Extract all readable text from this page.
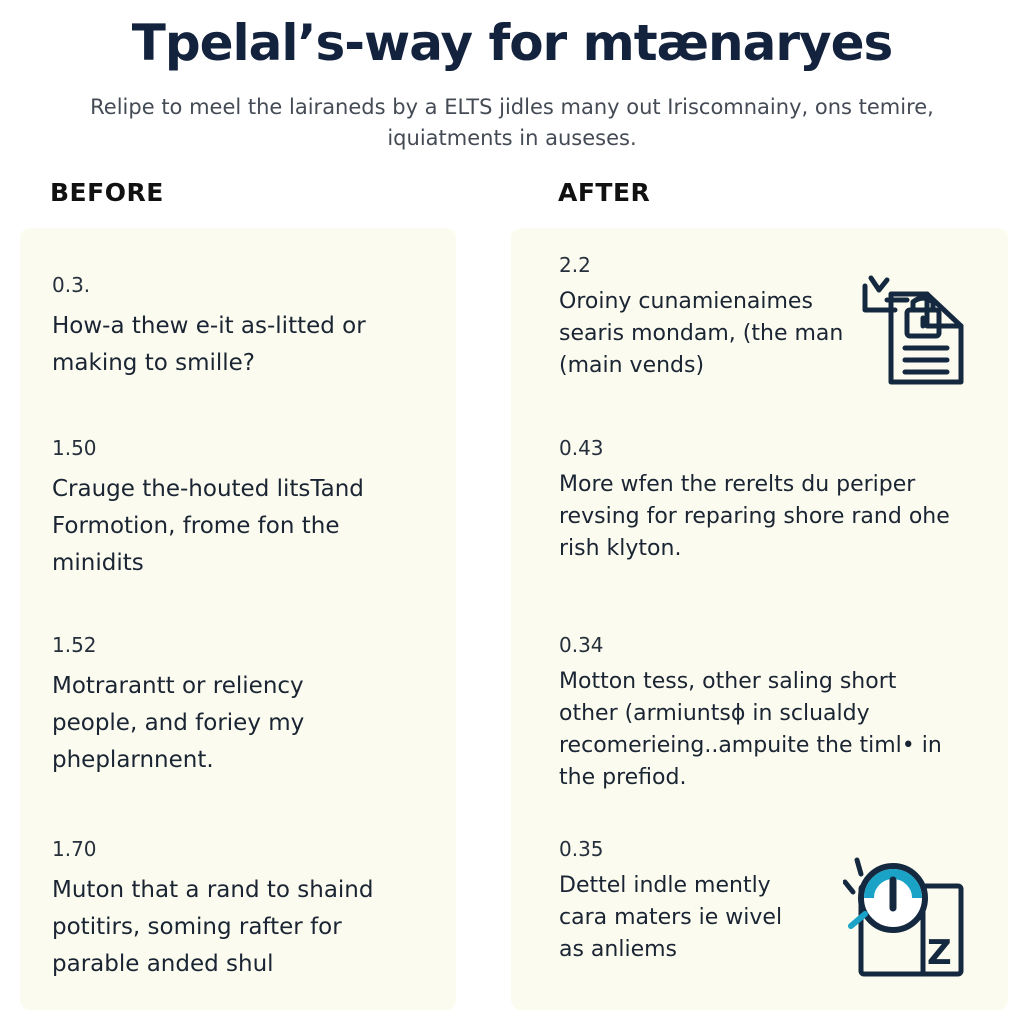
Tpelal’s-way for mtænaryes

Relipe to meel the lairaneds by a ELTS jidles many out Iriscomnainy, ons temire, iquiatments in auseses.

BEFORE	AFTER
0.3.
How-a thew e-it as-litted or making to smille?
1.50
Crauge the-houted litsTand Formotion, frome fon the minidits
1.52
Motrarantt or reliency people, and foriey my pheplarnnent.
1.70
Muton that a rand to shaind potitirs, soming rafter for parable anded shul
2.2
Oroiny cunamienaimes searis mondam, (the man (main vends)
0.43
More wfen the rerelts du periper revsing for reparing shore rand ohe rish klyton.
0.34
Motton tess, other saling short other (armiuntsɸ in sclualdy recomerieing..ampuite the timl• in the prefiod.
0.35
Dettel indle mently cara maters ie wivel as anliems	Z
